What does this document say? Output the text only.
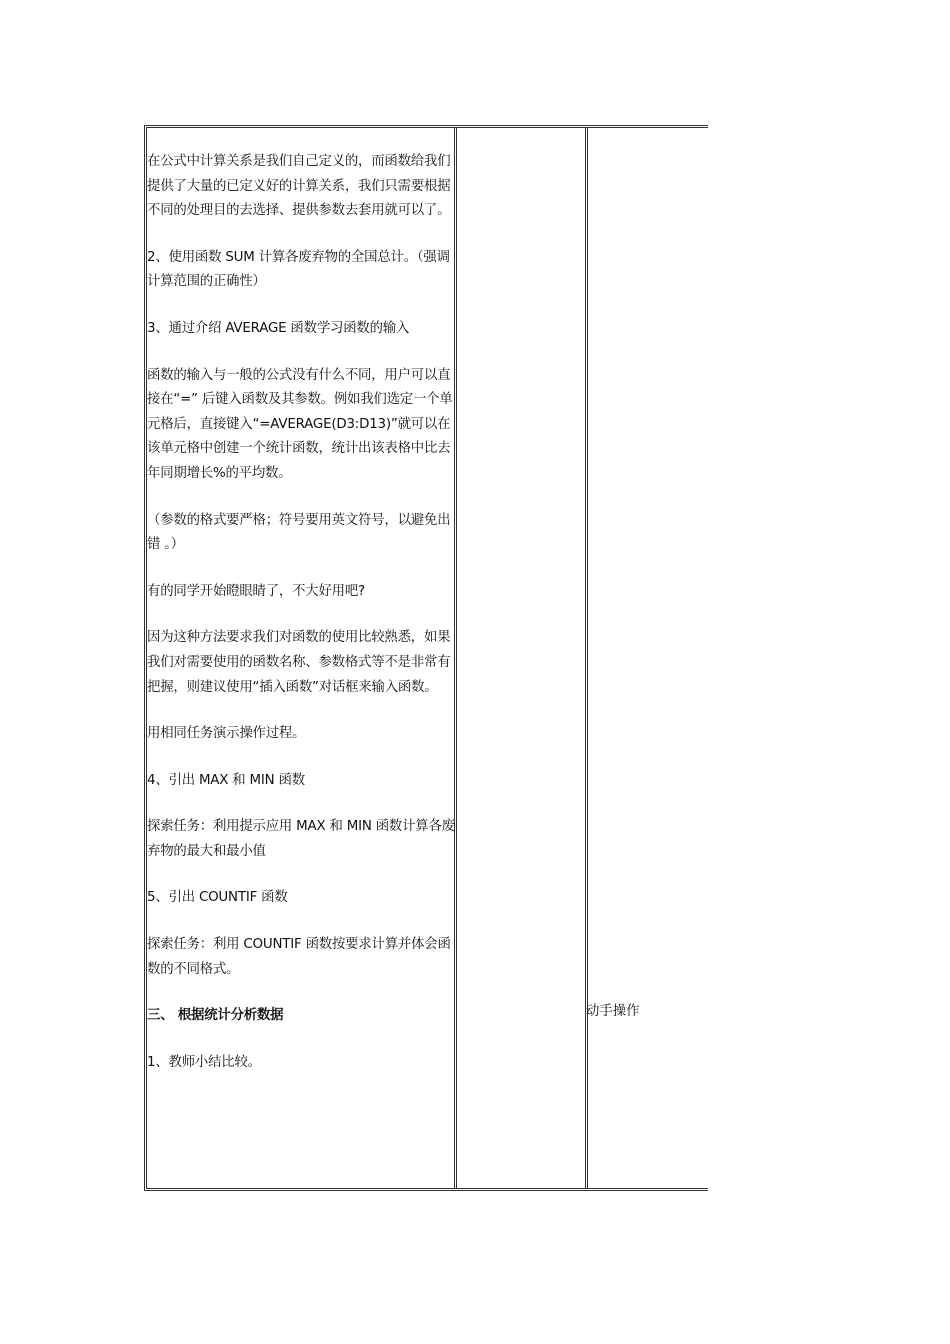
在公式中计算关系是我们自己定义的，而函数给我们提供了大量的已定义好的计算关系，我们只需要根据不同的处理目的去选择、提供参数去套用就可以了。

2、使用函数 SUM 计算各废弃物的全国总计。（强调计算范围的正确性）

3、通过介绍 AVERAGE 函数学习函数的输入

函数的输入与一般的公式没有什么不同，用户可以直接在“=” 后键入函数及其参数。例如我们选定一个单元格后，直接键入“=AVERAGE(D3:D13)”就可以在该单元格中创建一个统计函数，统计出该表格中比去年同期增长%的平均数。

（参数的格式要严格；符号要用英文符号，以避免出错 。）

有的同学开始瞪眼睛了，不大好用吧?

因为这种方法要求我们对函数的使用比较熟悉，如果我们对需要使用的函数名称、参数格式等不是非常有把握，则建议使用“插入函数”对话框来输入函数。

用相同任务演示操作过程。

4、引出 MAX 和 MIN 函数

探索任务：利用提示应用 MAX 和 MIN 函数计算各废弃物的最大和最小值

5、引出 COUNTIF 函数

探索任务：利用 COUNTIF 函数按要求计算并体会函数的不同格式。

三、 根据统计分析数据

1、教师小结比较。

动手操作
